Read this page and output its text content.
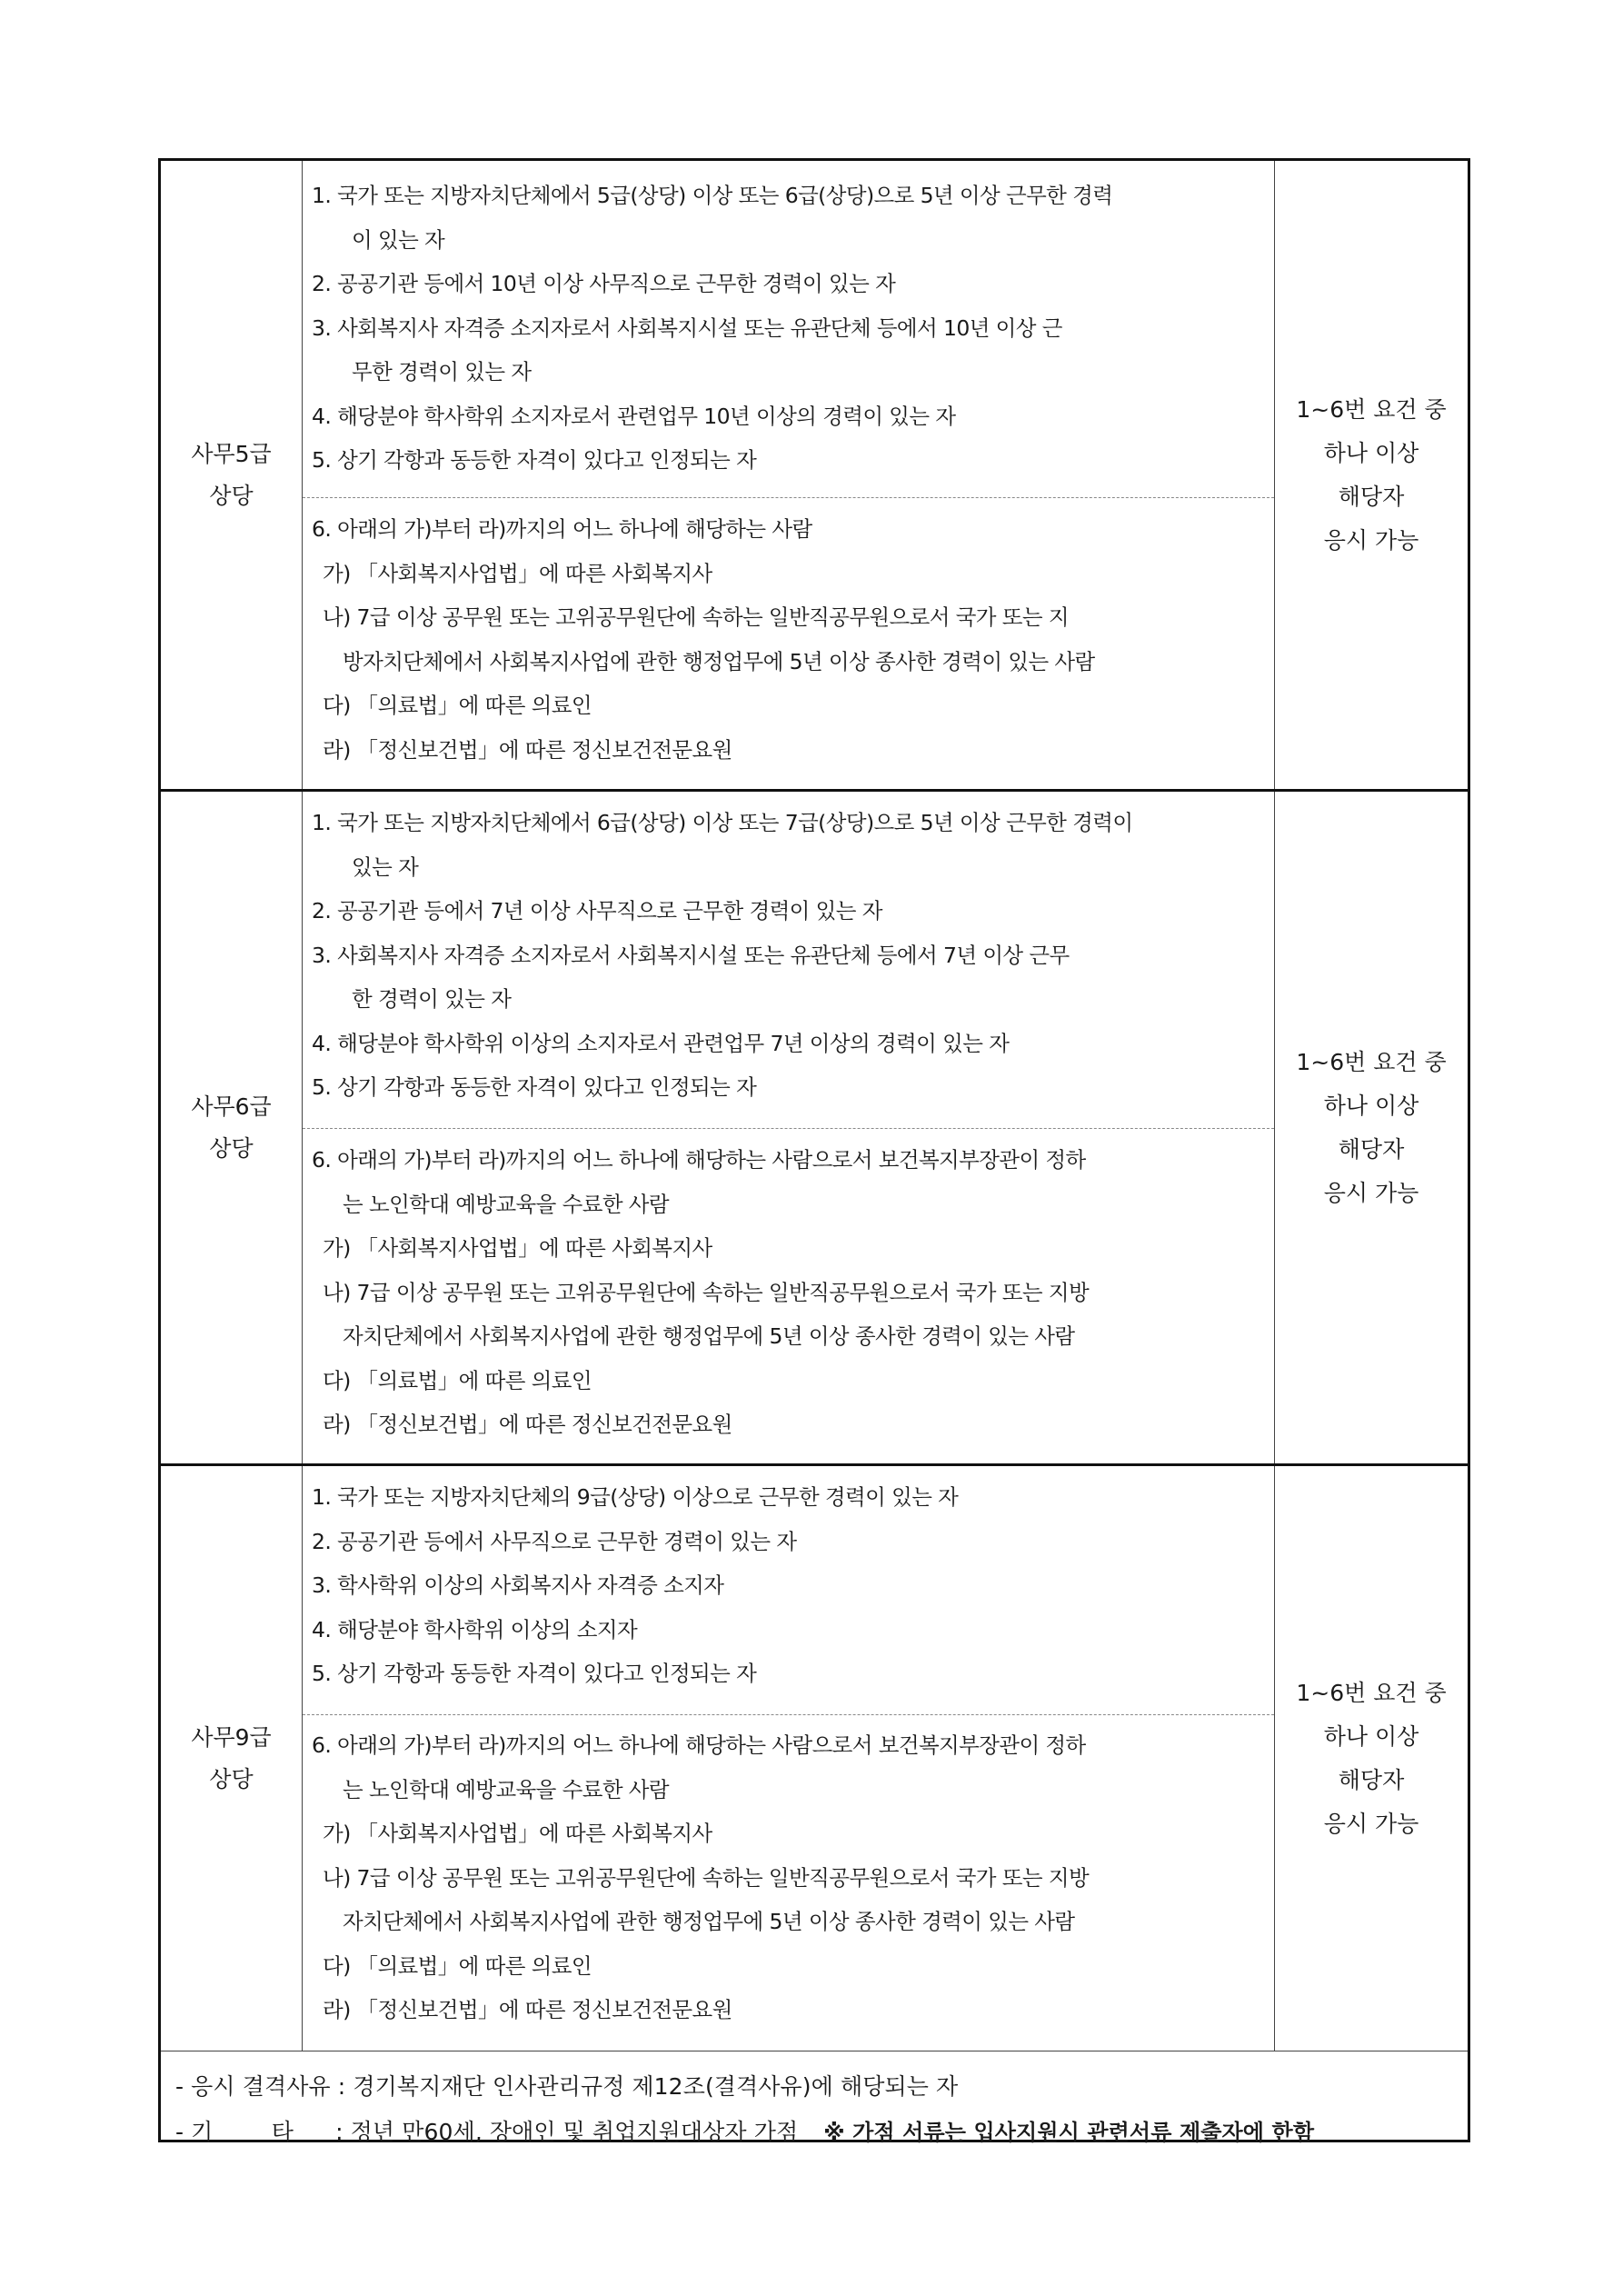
사무5급
상당
1. 국가 또는 지방자치단체에서 5급(상당) 이상 또는 6급(상당)으로 5년 이상 근무한 경력
이 있는 자
2. 공공기관 등에서 10년 이상 사무직으로 근무한 경력이 있는 자
3. 사회복지사 자격증 소지자로서 사회복지시설 또는 유관단체 등에서 10년 이상 근
무한 경력이 있는 자
4. 해당분야 학사학위 소지자로서 관련업무 10년 이상의 경력이 있는 자
5. 상기 각항과 동등한 자격이 있다고 인정되는 자
6. 아래의 가)부터 라)까지의 어느 하나에 해당하는 사람
가) 「사회복지사업법」에 따른 사회복지사
나) 7급 이상 공무원 또는 고위공무원단에 속하는 일반직공무원으로서 국가 또는 지
방자치단체에서 사회복지사업에 관한 행정업무에 5년 이상 종사한 경력이 있는 사람
다) 「의료법」에 따른 의료인
라) 「정신보건법」에 따른 정신보건전문요원
1~6번 요건 중
하나 이상
해당자
응시 가능
사무6급
상당
1. 국가 또는 지방자치단체에서 6급(상당) 이상 또는 7급(상당)으로 5년 이상 근무한 경력이
있는 자
2. 공공기관 등에서 7년 이상 사무직으로 근무한 경력이 있는 자
3. 사회복지사 자격증 소지자로서 사회복지시설 또는 유관단체 등에서 7년 이상 근무
한 경력이 있는 자
4. 해당분야 학사학위 이상의 소지자로서 관련업무 7년 이상의 경력이 있는 자
5. 상기 각항과 동등한 자격이 있다고 인정되는 자
6. 아래의 가)부터 라)까지의 어느 하나에 해당하는 사람으로서 보건복지부장관이 정하
는 노인학대 예방교육을 수료한 사람
가) 「사회복지사업법」에 따른 사회복지사
나) 7급 이상 공무원 또는 고위공무원단에 속하는 일반직공무원으로서 국가 또는 지방
자치단체에서 사회복지사업에 관한 행정업무에 5년 이상 종사한 경력이 있는 사람
다) 「의료법」에 따른 의료인
라) 「정신보건법」에 따른 정신보건전문요원
1~6번 요건 중
하나 이상
해당자
응시 가능
사무9급
상당
1. 국가 또는 지방자치단체의 9급(상당) 이상으로 근무한 경력이 있는 자
2. 공공기관 등에서 사무직으로 근무한 경력이 있는 자
3. 학사학위 이상의 사회복지사 자격증 소지자
4. 해당분야 학사학위 이상의 소지자
5. 상기 각항과 동등한 자격이 있다고 인정되는 자
6. 아래의 가)부터 라)까지의 어느 하나에 해당하는 사람으로서 보건복지부장관이 정하
는 노인학대 예방교육을 수료한 사람
가) 「사회복지사업법」에 따른 사회복지사
나) 7급 이상 공무원 또는 고위공무원단에 속하는 일반직공무원으로서 국가 또는 지방
자치단체에서 사회복지사업에 관한 행정업무에 5년 이상 종사한 경력이 있는 사람
다) 「의료법」에 따른 의료인
라) 「정신보건법」에 따른 정신보건전문요원
1~6번 요건 중
하나 이상
해당자
응시 가능
- 응시 결격사유 : 경기복지재단 인사관리규정 제12조(결격사유)에 해당되는 자
- 기        타 : 정년 만60세, 장애인 및 취업지원대상자 가점 ※ 가점 서류는 입사지원시 관련서류 제출자에 한함
